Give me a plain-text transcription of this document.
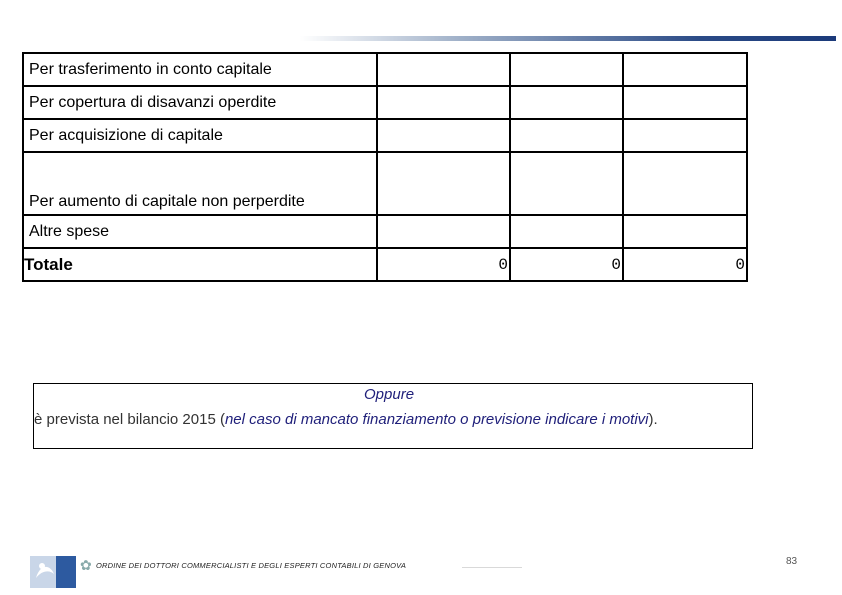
Per trasferimento in conto capitale			
Per copertura di disavanzi operdite			
Per acquisizione di capitale			
Per aumento di capitale non perperdite			
Altre spese			
Totale	0	0	0
Oppure
è prevista nel bilancio 2015 (nel caso di mancato finanziamento o previsione indicare i motivi).
✿ ORDINE DEI DOTTORI COMMERCIALISTI E DEGLI ESPERTI CONTABILI DI GENOVA	83
